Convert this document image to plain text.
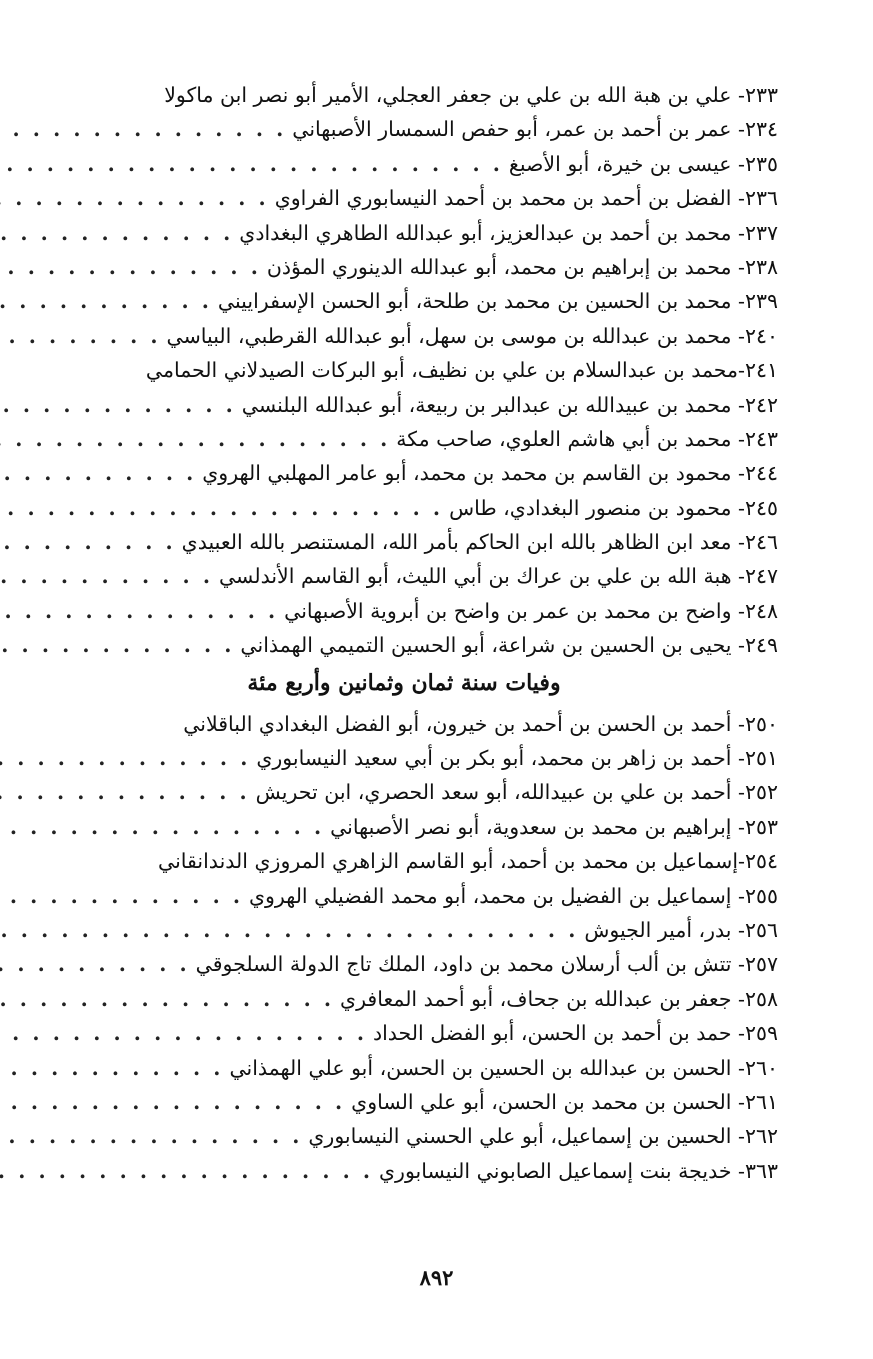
٢٣٣- علي بن هبة الله بن علي بن جعفر العجلي، الأمير أبو نصر ابن ماكولا
٢٣٤- عمر بن أحمد بن عمر، أبو حفص السمسار الأصبهاني
. . .
٢٣٥- عيسى بن خيرة، أبو الأصبغ
. . .
٢٣٦- الفضل بن أحمد بن محمد بن أحمد النيسابوري الفراوي
. . .
٢٣٧- محمد بن أحمد بن عبدالعزيز، أبو عبدالله الطاهري البغدادي
. . .
٢٣٨- محمد بن إبراهيم بن محمد، أبو عبدالله الدينوري المؤذن
. . .
٢٣٩- محمد بن الحسين بن محمد بن طلحة، أبو الحسن الإسفراييني
. . .
٢٤٠- محمد بن عبدالله بن موسى بن سهل، أبو عبدالله القرطبي، البياسي
. . .
٢٤١-محمد بن عبدالسلام بن علي بن نظيف، أبو البركات الصيدلاني الحمامي
٢٤٢- محمد بن عبيدالله بن عبدالبر بن ربيعة، أبو عبدالله البلنسي
. . .
٢٤٣- محمد بن أبي هاشم العلوي، صاحب مكة
. . .
٢٤٤- محمود بن القاسم بن محمد بن محمد، أبو عامر المهلبي الهروي
. . .
٢٤٥- محمود بن منصور البغدادي، طاس
. . .
٢٤٦- معد ابن الظاهر بالله ابن الحاكم بأمر الله، المستنصر بالله العبيدي
. . .
٢٤٧- هبة الله بن علي بن عراك بن أبي الليث، أبو القاسم الأندلسي
. . .
٢٤٨- واضح بن محمد بن عمر بن واضح بن أبروية الأصبهاني
. . .
٢٤٩- يحيى بن الحسين بن شراعة، أبو الحسين التميمي الهمذاني
. . .
وفيات سنة ثمان وثمانين وأربع مئة
٢٥٠- أحمد بن الحسن بن أحمد بن خيرون، أبو الفضل البغدادي الباقلاني
٢٥١- أحمد بن زاهر بن محمد، أبو بكر بن أبي سعيد النيسابوري
. . .
٢٥٢- أحمد بن علي بن عبيدالله، أبو سعد الحصري، ابن تحريش
. . .
٢٥٣- إبراهيم بن محمد بن سعدوية، أبو نصر الأصبهاني
. . .
٢٥٤-إسماعيل بن محمد بن أحمد، أبو القاسم الزاهري المروزي الدندانقاني
٢٥٥- إسماعيل بن الفضيل بن محمد، أبو محمد الفضيلي الهروي
. . .
٢٥٦- بدر، أمير الجيوش
. . .
٢٥٧- تتش بن ألب أرسلان محمد بن داود، الملك تاج الدولة السلجوقي
. . .
٢٥٨- جعفر بن عبدالله بن جحاف، أبو أحمد المعافري
. . .
٢٥٩- حمد بن أحمد بن الحسن، أبو الفضل الحداد
. . .
٢٦٠- الحسن بن عبدالله بن الحسين بن الحسن، أبو علي الهمذاني
. . .
٢٦١- الحسن بن محمد بن الحسن، أبو علي الساوي
. . .
٢٦٢- الحسين بن إسماعيل، أبو علي الحسني النيسابوري
. . .
٣٦٣- خديجة بنت إسماعيل الصابوني النيسابوري
. . .
٨٩٢
